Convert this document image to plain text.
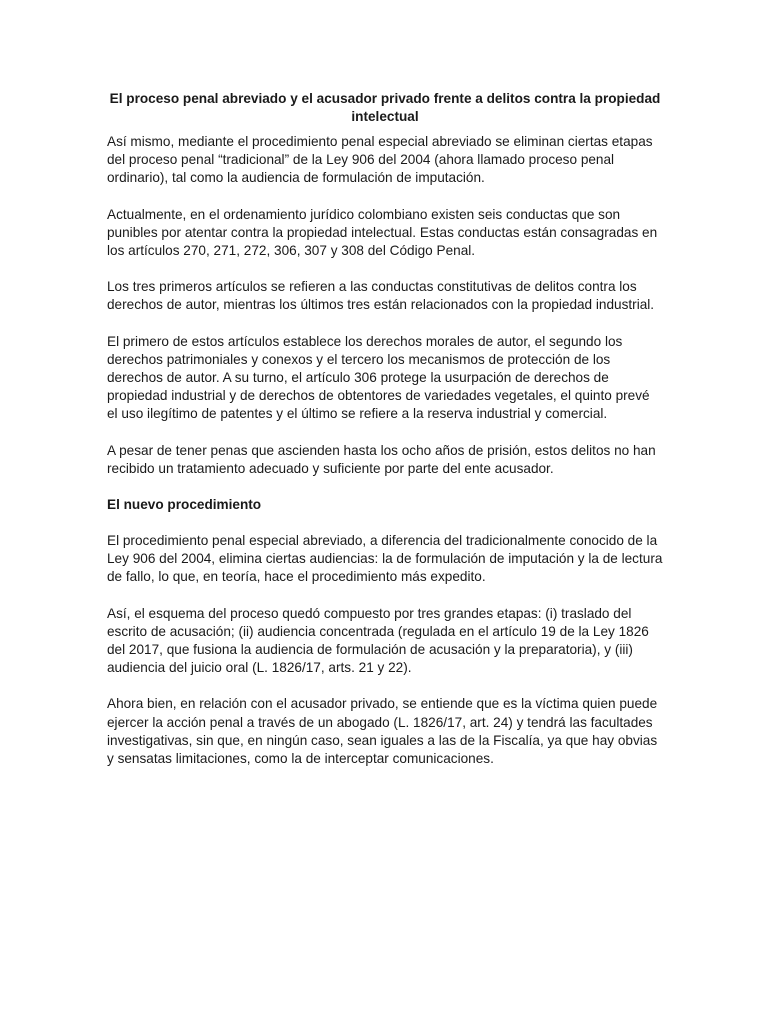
El proceso penal abreviado y el acusador privado frente a delitos contra la propiedad intelectual

Así mismo, mediante el procedimiento penal especial abreviado se eliminan ciertas etapas del proceso penal “tradicional” de la Ley 906 del 2004 (ahora llamado proceso penal ordinario), tal como la audiencia de formulación de imputación.

Actualmente, en el ordenamiento jurídico colombiano existen seis conductas que son punibles por atentar contra la propiedad intelectual. Estas conductas están consagradas en los artículos 270, 271, 272, 306, 307 y 308 del Código Penal.

Los tres primeros artículos se refieren a las conductas constitutivas de delitos contra los derechos de autor, mientras los últimos tres están relacionados con la propiedad industrial.

El primero de estos artículos establece los derechos morales de autor, el segundo los derechos patrimoniales y conexos y el tercero los mecanismos de protección de los derechos de autor. A su turno, el artículo 306 protege la usurpación de derechos de propiedad industrial y de derechos de obtentores de variedades vegetales, el quinto prevé el uso ilegítimo de patentes y el último se refiere a la reserva industrial y comercial.

A pesar de tener penas que ascienden hasta los ocho años de prisión, estos delitos no han recibido un tratamiento adecuado y suficiente por parte del ente acusador.

El nuevo procedimiento

El procedimiento penal especial abreviado, a diferencia del tradicionalmente conocido de la Ley 906 del 2004, elimina ciertas audiencias: la de formulación de imputación y la de lectura de fallo, lo que, en teoría, hace el procedimiento más expedito.

Así, el esquema del proceso quedó compuesto por tres grandes etapas: (i) traslado del escrito de acusación; (ii) audiencia concentrada (regulada en el artículo 19 de la Ley 1826 del 2017, que fusiona la audiencia de formulación de acusación y la preparatoria), y (iii) audiencia del juicio oral (L. 1826/17, arts. 21 y 22).

Ahora bien, en relación con el acusador privado, se entiende que es la víctima quien puede ejercer la acción penal a través de un abogado (L. 1826/17, art. 24) y tendrá las facultades investigativas, sin que, en ningún caso, sean iguales a las de la Fiscalía, ya que hay obvias y sensatas limitaciones, como la de interceptar comunicaciones.
